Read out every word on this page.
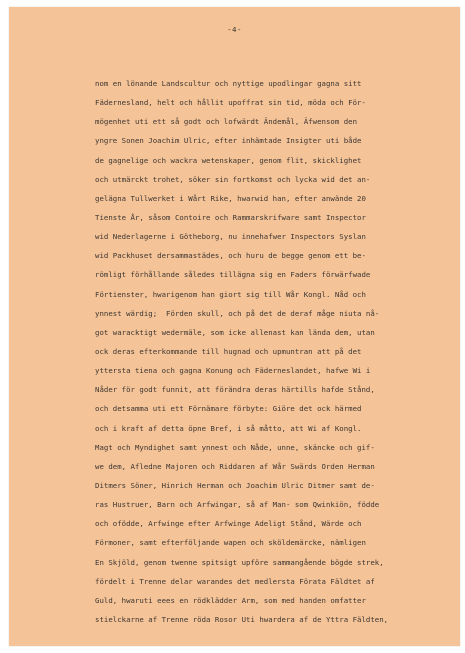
-4-
nom en lönande Landscultur och nyttige upodlingar gagna sitt
Fädernesland, helt och hållit upoffrat sin tid, möda och För-
mögenhet uti ett så godt och lofwärdt Ändemål, Äfwensom den
yngre Sonen Joachim Ulric, efter inhämtade Insigter uti både
de gagnelige och wackra wetenskaper, genom flit, skicklighet
och utmärckt trohet, söker sin fortkomst och lycka wid det an-
gelägna Tullwerket i Wårt Rike, hwarwid han, efter anwände 20
Tienste År, såsom Contoire och Rammarskrifware samt Inspector
wid Nederlagerne i Götheborg, nu innehafwer Inspectors Syslan
wid Packhuset dersammastädes, och huru de begge genom ett be-
römligt förhållande således tillägna sig en Faders förwärfwade
Förtienster, hwarigenom han giort sig till Wår Kongl. Nåd och
ynnest wärdig;  Förden skull, och på det de deraf måge niuta nå-
got waracktigt wedermäle, som icke allenast kan lända dem, utan
ock deras efterkommande till hugnad och upmuntran att på det
yttersta tiena och gagna Konung och Fäderneslandet, hafwe Wi i
Nåder för godt funnit, att förändra deras härtills hafde Stånd,
och detsamma uti ett Förnämare förbyte: Giöre det ock härmed
och i kraft af detta öpne Bref, i så måtto, att Wi af Kongl.
Magt och Myndighet samt ynnest och Nåde, unne, skäncke och gif-
we dem, Afledne Majoren och Riddaren af Wår Swärds Orden Herman
Ditmers Söner, Hinrich Herman och Joachim Ulric Ditmer samt de-
ras Hustruer, Barn och Arfwingar, så af Man- som Qwinkiön, födde
och ofödde, Arfwinge efter Arfwinge Adeligt Stånd, Wärde och
Förmoner, samt efterföljande wapen och sköldemärcke, nämligen
En Skjöld, genom twenne spitsigt upföre sammangående bögde strek,
fördelt i Trenne delar warandes det medlersta Förata Fäldtet af
Guld, hwaruti eees en rödklädder Arm, som med handen omfatter
stielckarne af Trenne röda Rosor Uti hwardera af de Yttra Fäldten,
